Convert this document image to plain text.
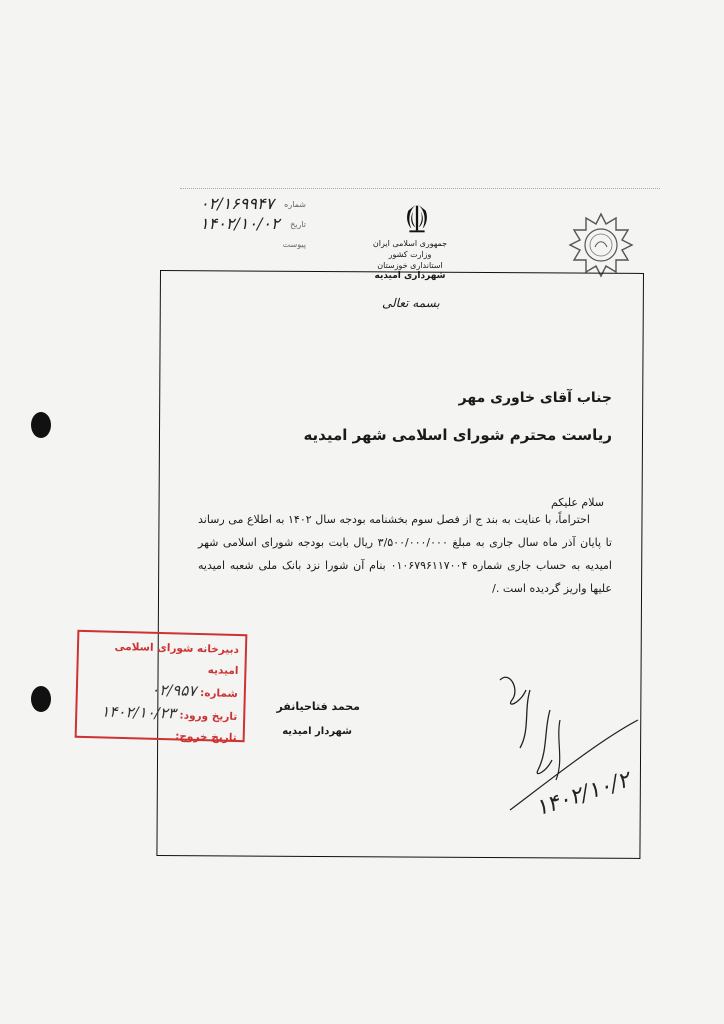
شماره
۰۲/۱۶۹۹۴۷
تاریخ
۱۴۰۲/۱۰/۰۲
پیوست	جمهوری اسلامی ایران
وزارت کشور
استانداری خوزستان
شهرداری امیدیه
بسمه تعالی
جناب آقای خاوری مهر
ریاست محترم شورای اسلامی شهر امیدیه
سلام علیکم
احتراماً، با عنایت به بند ج از فصل سوم بخشنامه بودجه سال ۱۴۰۲ به اطلاع می رساند تا پایان آذر ماه سال جاری به مبلغ ۳/۵۰۰/۰۰۰/۰۰۰ ریال بابت بودجه شورای اسلامی شهر امیدیه به حساب جاری شماره ۰۱۰۶۷۹۶۱۱۷۰۰۴ بنام آن شورا نزد بانک ملی شعبه امیدیه علیها واریز گردیده است ./
دبیرخانه شورای اسلامی امیدیه
شماره: ۰۲/۹۵۷
تاریخ ورود: ۱۴۰۲/۱۰/۲۳
تاریخ خروج:
محمد فتاحیانفر
شهردار امیدیه
۱۴۰۲/۱۰/۲
